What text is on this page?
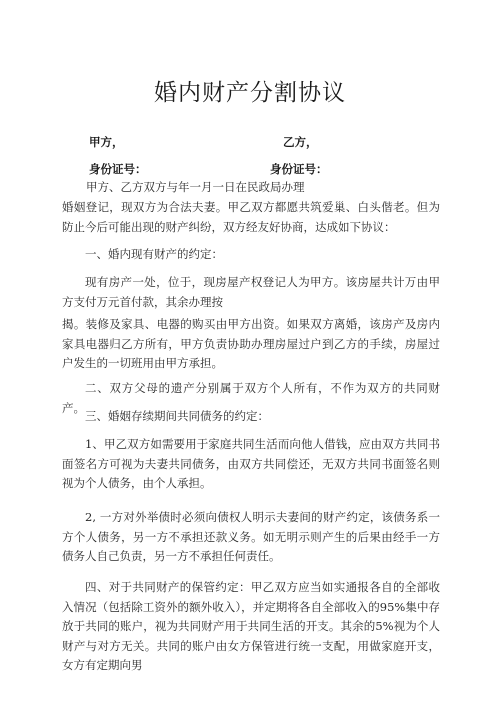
婚内财产分割协议
甲方，	乙方，
身份证号：	身份证号：
甲方、乙方双方与年一月一日在民政局办理
婚姻登记，现双方为合法夫妻。甲乙双方都愿共筑爱巢、白头偕老。但为防止今后可能出现的财产纠纷，双方经友好协商，达成如下协议：
一、婚内现有财产的约定：
现有房产一处，位于，现房屋产权登记人为甲方。该房屋共计万由甲方支付万元首付款，其余办理按
揭。装修及家具、电器的购买由甲方出资。如果双方离婚，该房产及房内家具电器归乙方所有，甲方负责协助办理房屋过户到乙方的手续，房屋过户发生的一切班用由甲方承担。
二、双方父母的遗产分别属于双方个人所有，不作为双方的共同财产。
三、婚姻存续期间共同债务的约定：
1、甲乙双方如需要用于家庭共同生活而向他人借钱，应由双方共同书面签名方可视为夫妻共同债务，由双方共同偿还，无双方共同书面签名则视为个人债务，由个人承担。
2, 一方对外举债时必须向债权人明示夫妻间的财产约定，该债务系一方个人债务，另一方不承担还款义务。如无明示则产生的后果由经手一方债务人自己负责，另一方不承担任何责任。
四、对于共同财产的保管约定：甲乙双方应当如实通报各自的全部收入情况（包括除工资外的额外收入），并定期将各自全部收入的95%集中存放于共同的账户，视为共同财产用于共同生活的开支。其余的5%视为个人财产与对方无关。共同的账户由女方保管进行统一支配，用做家庭开支，女方有定期向男
